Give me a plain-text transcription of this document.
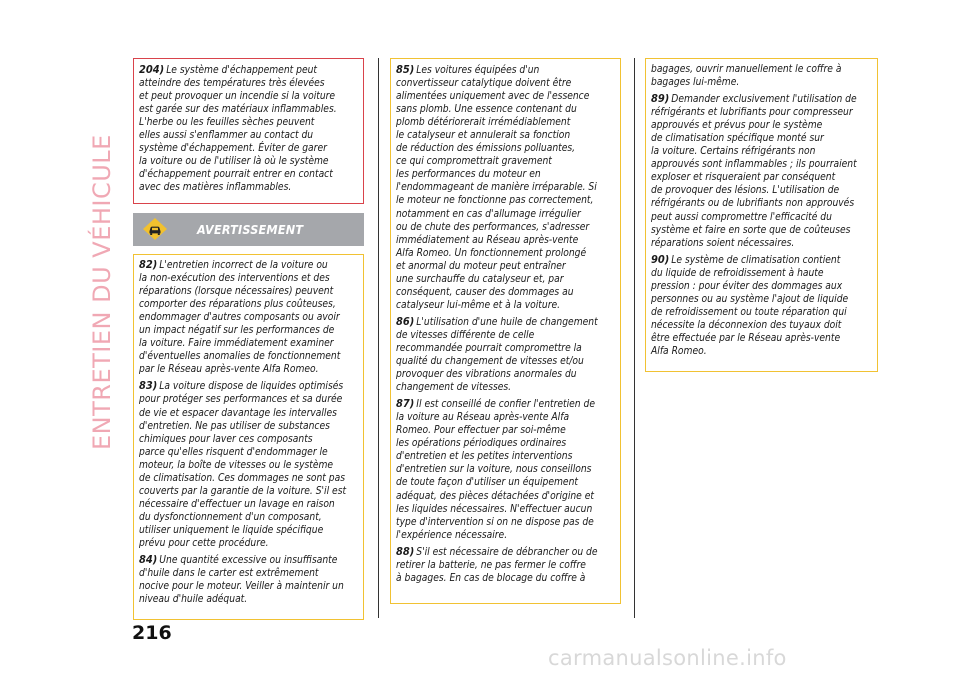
ENTRETIEN DU VÉHICULE

204) Le système d'échappement peut
atteindre des températures très élevées
et peut provoquer un incendie si la voiture
est garée sur des matériaux inflammables.
L'herbe ou les feuilles sèches peuvent
elles aussi s'enflammer au contact du
système d'échappement. Éviter de garer
la voiture ou de l'utiliser là où le système
d'échappement pourrait entrer en contact
avec des matières inflammables.

AVERTISSEMENT

82) L'entretien incorrect de la voiture ou
la non-exécution des interventions et des
réparations (lorsque nécessaires) peuvent
comporter des réparations plus coûteuses,
endommager d'autres composants ou avoir
un impact négatif sur les performances de
la voiture. Faire immédiatement examiner
d'éventuelles anomalies de fonctionnement
par le Réseau après-vente Alfa Romeo.

83) La voiture dispose de liquides optimisés
pour protéger ses performances et sa durée
de vie et espacer davantage les intervalles
d'entretien. Ne pas utiliser de substances
chimiques pour laver ces composants
parce qu'elles risquent d'endommager le
moteur, la boîte de vitesses ou le système
de climatisation. Ces dommages ne sont pas
couverts par la garantie de la voiture. S'il est
nécessaire d'effectuer un lavage en raison
du dysfonctionnement d'un composant,
utiliser uniquement le liquide spécifique
prévu pour cette procédure.

84) Une quantité excessive ou insuffisante
d'huile dans le carter est extrêmement
nocive pour le moteur. Veiller à maintenir un
niveau d'huile adéquat.

85) Les voitures équipées d'un
convertisseur catalytique doivent être
alimentées uniquement avec de l'essence
sans plomb. Une essence contenant du
plomb détériorerait irrémédiablement
le catalyseur et annulerait sa fonction
de réduction des émissions polluantes,
ce qui compromettrait gravement
les performances du moteur en
l'endommageant de manière irréparable. Si
le moteur ne fonctionne pas correctement,
notamment en cas d'allumage irrégulier
ou de chute des performances, s'adresser
immédiatement au Réseau après-vente
Alfa Romeo. Un fonctionnement prolongé
et anormal du moteur peut entraîner
une surchauffe du catalyseur et, par
conséquent, causer des dommages au
catalyseur lui-même et à la voiture.

86) L'utilisation d'une huile de changement
de vitesses différente de celle
recommandée pourrait compromettre la
qualité du changement de vitesses et/ou
provoquer des vibrations anormales du
changement de vitesses.

87) Il est conseillé de confier l'entretien de
la voiture au Réseau après-vente Alfa
Romeo. Pour effectuer par soi-même
les opérations périodiques ordinaires
d'entretien et les petites interventions
d'entretien sur la voiture, nous conseillons
de toute façon d'utiliser un équipement
adéquat, des pièces détachées d'origine et
les liquides nécessaires. N'effectuer aucun
type d'intervention si on ne dispose pas de
l'expérience nécessaire.

88) S'il est nécessaire de débrancher ou de
retirer la batterie, ne pas fermer le coffre
à bagages. En cas de blocage du coffre à

bagages, ouvrir manuellement le coffre à
bagages lui-même.

89) Demander exclusivement l'utilisation de
réfrigérants et lubrifiants pour compresseur
approuvés et prévus pour le système
de climatisation spécifique monté sur
la voiture. Certains réfrigérants non
approuvés sont inflammables ; ils pourraient
exploser et risqueraient par conséquent
de provoquer des lésions. L'utilisation de
réfrigérants ou de lubrifiants non approuvés
peut aussi compromettre l'efficacité du
système et faire en sorte que de coûteuses
réparations soient nécessaires.

90) Le système de climatisation contient
du liquide de refroidissement à haute
pression : pour éviter des dommages aux
personnes ou au système l'ajout de liquide
de refroidissement ou toute réparation qui
nécessite la déconnexion des tuyaux doit
être effectuée par le Réseau après-vente
Alfa Romeo.

216
carmanualsonline.info
